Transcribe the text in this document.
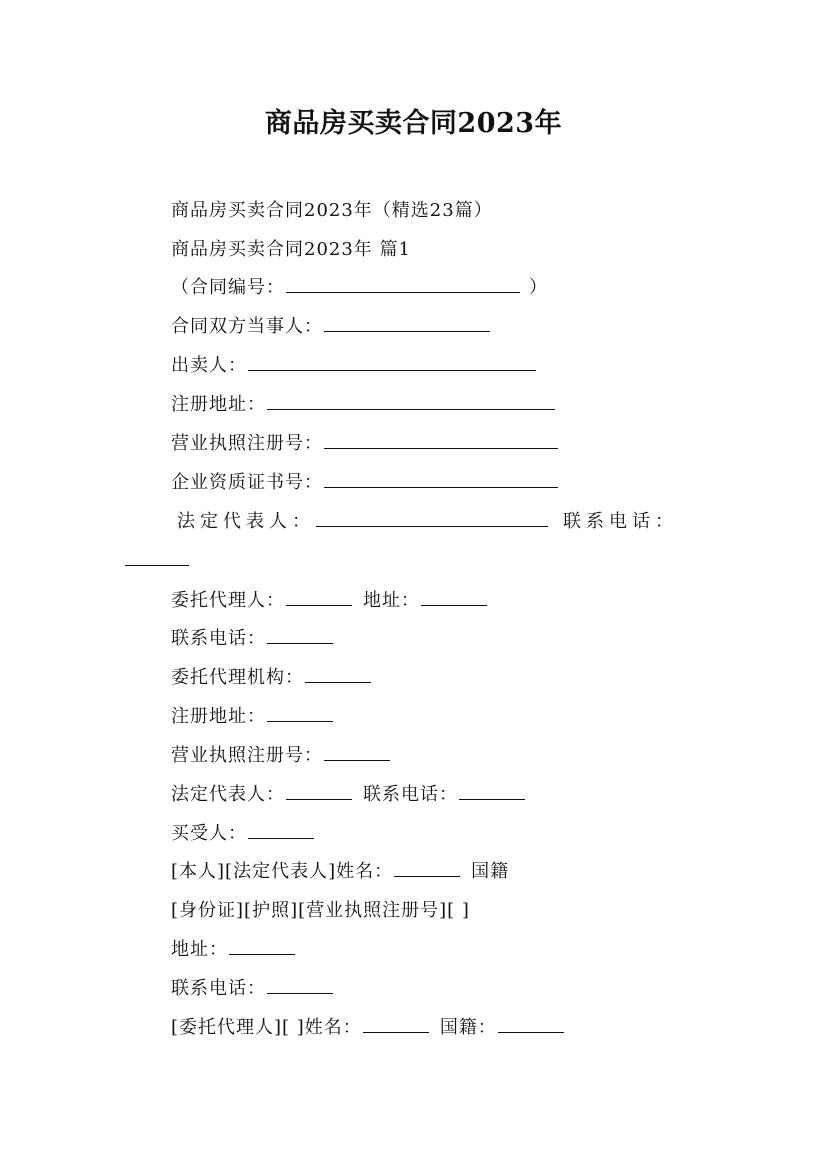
商品房买卖合同2023年
商品房买卖合同2023年（精选23篇）
商品房买卖合同2023年 篇1
（合同编号：	）
合同双方当事人：
出卖人：
注册地址：
营业执照注册号：
企业资质证书号：
法定代表人：	联系电话：
委托代理人：	地址：
联系电话：
委托代理机构：
注册地址：
营业执照注册号：
法定代表人：	联系电话：
买受人：
[本人][法定代表人]姓名：	国籍
[身份证][护照][营业执照注册号][ ]
地址：
联系电话：
[委托代理人][ ]姓名：	国籍：
